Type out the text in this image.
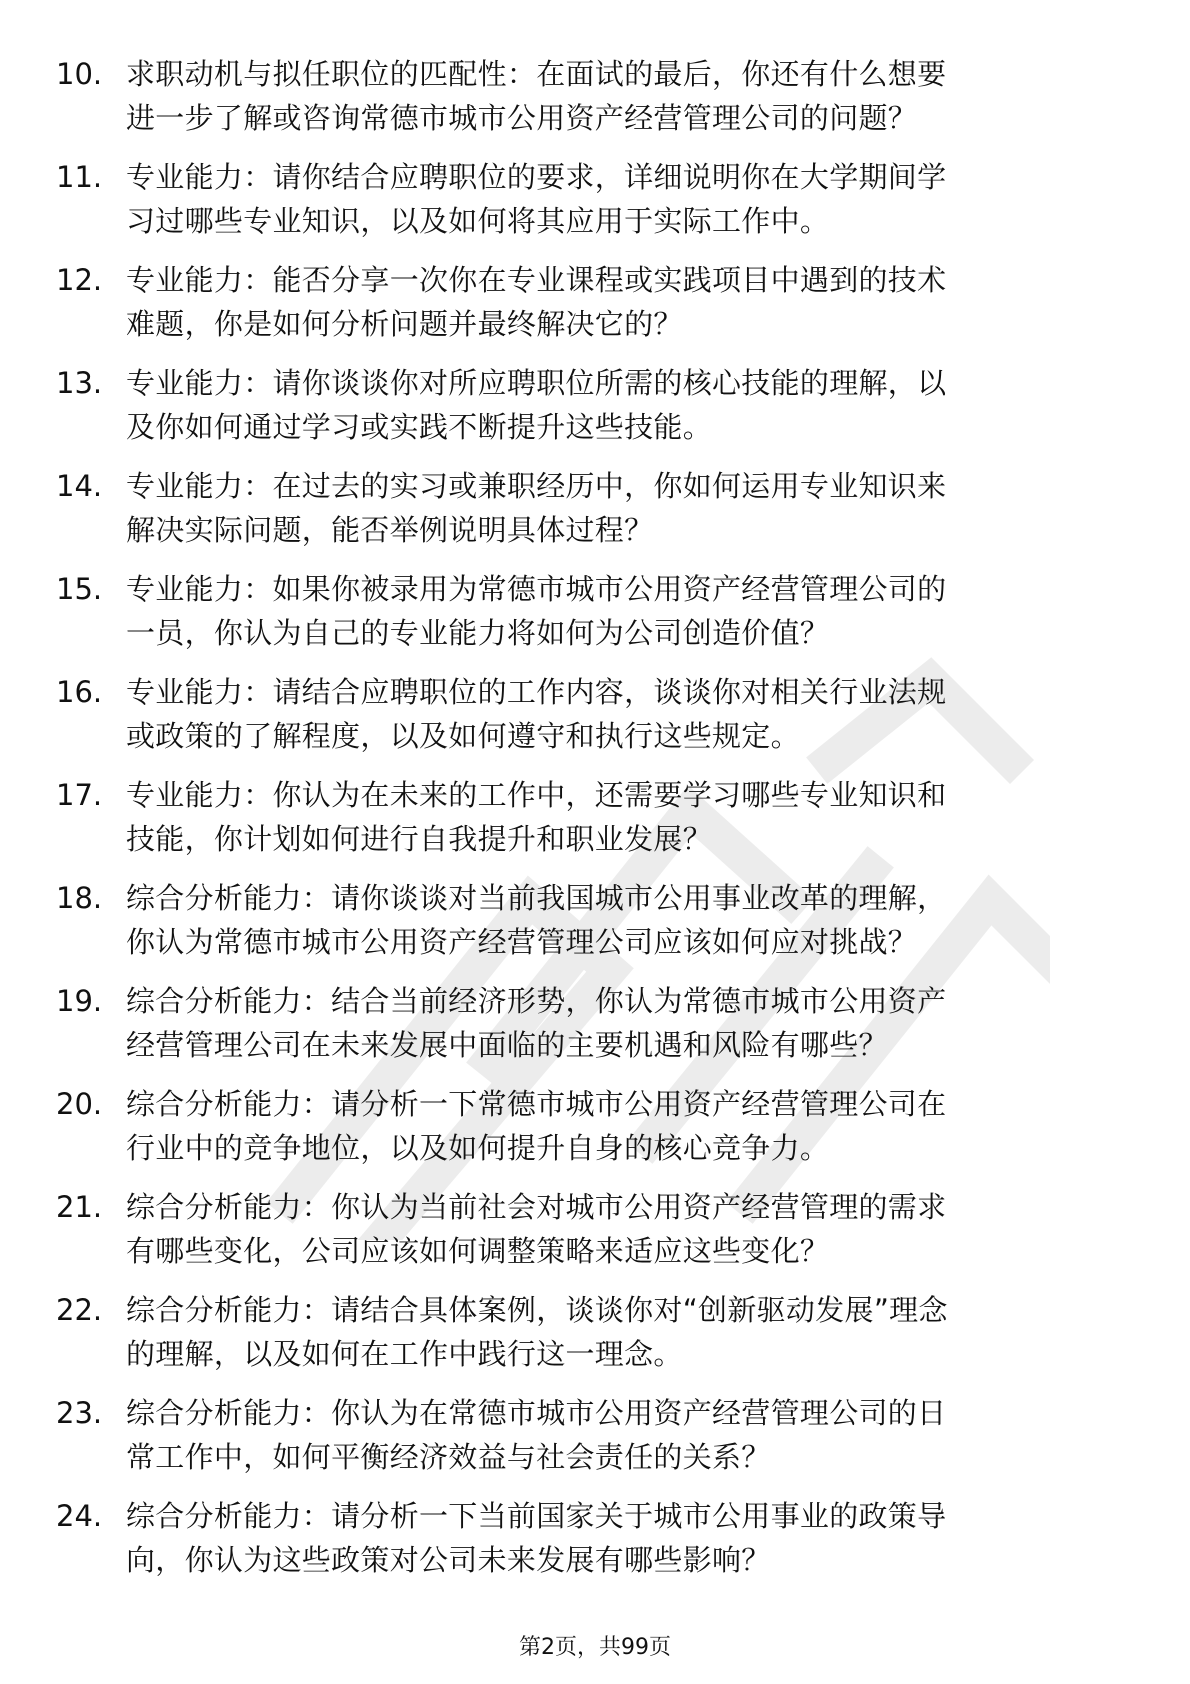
10. 求职动机与拟任职位的匹配性：在面试的最后，你还有什么想要
进一步了解或咨询常德市城市公用资产经营管理公司的问题？
11. 专业能力：请你结合应聘职位的要求，详细说明你在大学期间学
习过哪些专业知识，以及如何将其应用于实际工作中。
12. 专业能力：能否分享一次你在专业课程或实践项目中遇到的技术
难题，你是如何分析问题并最终解决它的？
13. 专业能力：请你谈谈你对所应聘职位所需的核心技能的理解，以
及你如何通过学习或实践不断提升这些技能。
14. 专业能力：在过去的实习或兼职经历中，你如何运用专业知识来
解决实际问题，能否举例说明具体过程？
15. 专业能力：如果你被录用为常德市城市公用资产经营管理公司的
一员，你认为自己的专业能力将如何为公司创造价值？
16. 专业能力：请结合应聘职位的工作内容，谈谈你对相关行业法规
或政策的了解程度，以及如何遵守和执行这些规定。
17. 专业能力：你认为在未来的工作中，还需要学习哪些专业知识和
技能，你计划如何进行自我提升和职业发展？
18. 综合分析能力：请你谈谈对当前我国城市公用事业改革的理解，
你认为常德市城市公用资产经营管理公司应该如何应对挑战？
19. 综合分析能力：结合当前经济形势，你认为常德市城市公用资产
经营管理公司在未来发展中面临的主要机遇和风险有哪些？
20. 综合分析能力：请分析一下常德市城市公用资产经营管理公司在
行业中的竞争地位，以及如何提升自身的核心竞争力。
21. 综合分析能力：你认为当前社会对城市公用资产经营管理的需求
有哪些变化，公司应该如何调整策略来适应这些变化？
22. 综合分析能力：请结合具体案例，谈谈你对“创新驱动发展”理念
的理解，以及如何在工作中践行这一理念。
23. 综合分析能力：你认为在常德市城市公用资产经营管理公司的日
常工作中，如何平衡经济效益与社会责任的关系？
24. 综合分析能力：请分析一下当前国家关于城市公用事业的政策导
向，你认为这些政策对公司未来发展有哪些影响？
第2页，共99页
